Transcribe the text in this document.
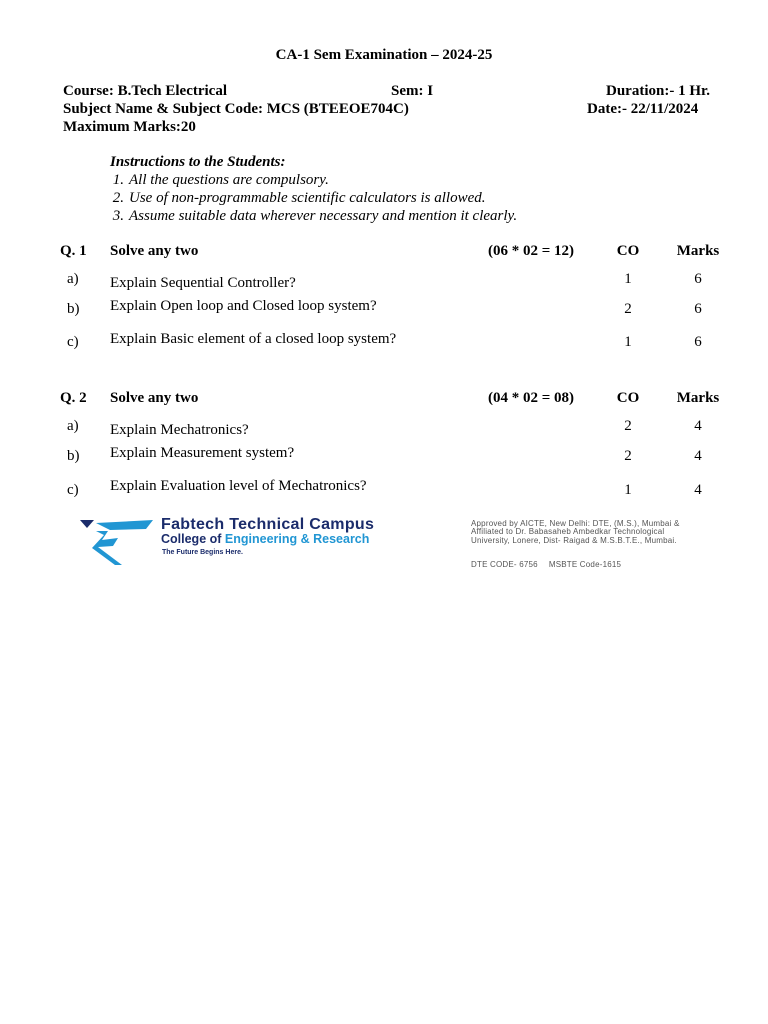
CA-1 Sem Examination – 2024-25
Course: B.Tech Electrical	Sem: I	Duration:- 1 Hr.
Subject Name & Subject Code: MCS (BTEEOE704C)	Date:- 22/11/2024
Maximum Marks:20
Instructions to the Students:
1. All the questions are compulsory.
2. Use of non-programmable scientific calculators is allowed.
3. Assume suitable data wherever necessary and mention it clearly.
Q. 1 Solve any two	(06 * 02 = 12)	CO	Marks
a) Explain Sequential Controller?	1	6
b) Explain Open loop and Closed loop system?	2	6
c) Explain Basic element of a closed loop system?	1	6
Q. 2 Solve any two	(04 * 02 = 08)	CO	Marks
a) Explain Mechatronics?	2	4
b) Explain Measurement system?	2	4
c) Explain Evaluation level of Mechatronics?	1	4
Fabtech Technical Campus
College of Engineering & Research
The Future Begins Here.
Approved by AICTE, New Delhi: DTE, (M.S.), Mumbai & Affiliated to Dr. Babasaheb Ambedkar Technological University, Lonere, Dist- Raigad & M.S.B.T.E., Mumbai.
DTE CODE- 6756 MSBTE Code-1615
